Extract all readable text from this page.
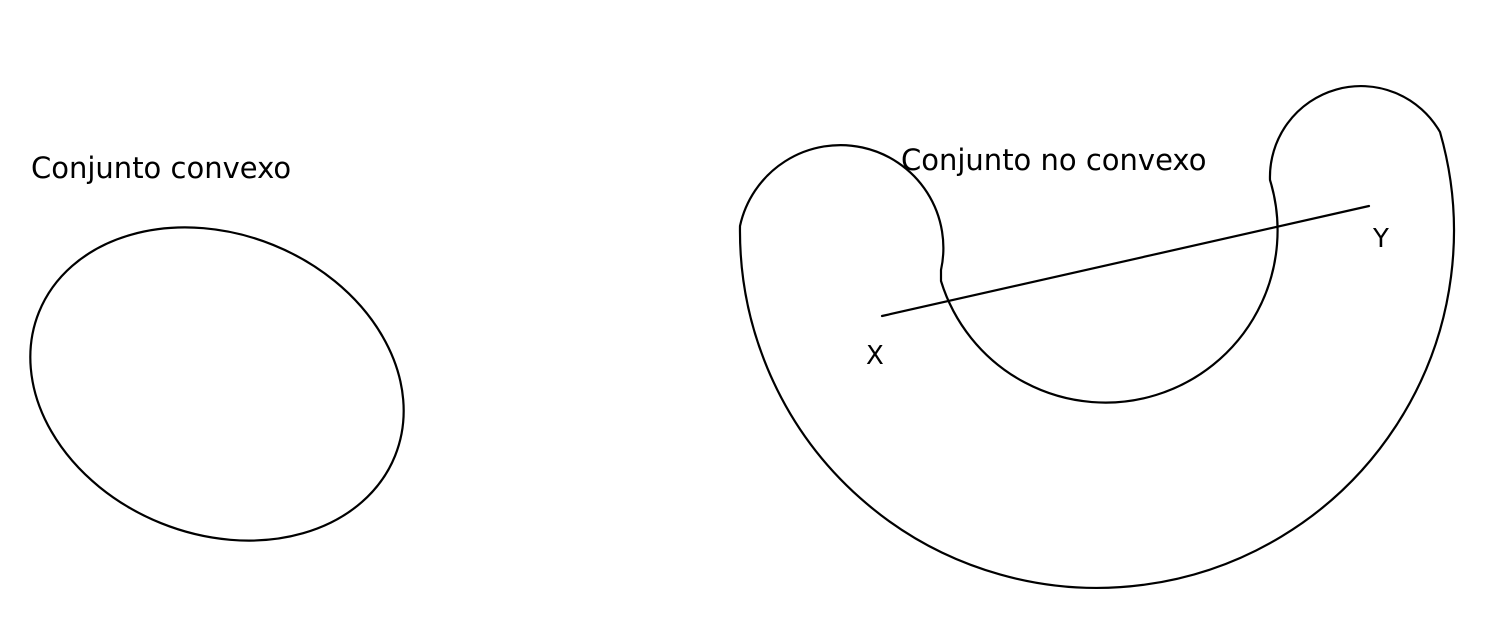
Conjunto convexo	Conjunto no convexo
X
Y
